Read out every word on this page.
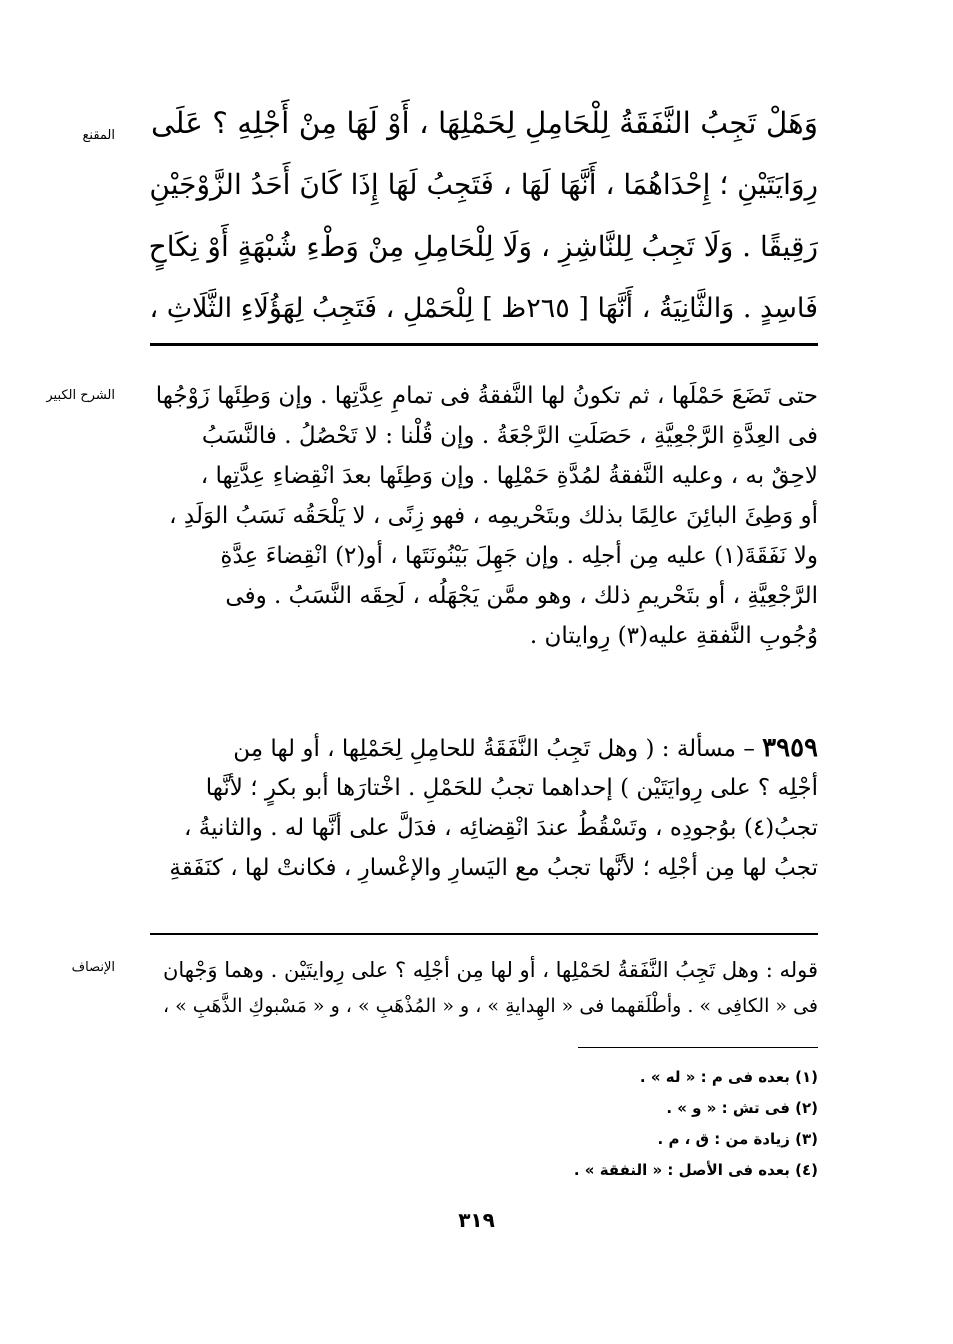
المقنع وَهَلْ تَجِبُ النَّفَقَةُ لِلْحَامِلِ لِحَمْلِهَا ، أَوْ لَهَا مِنْ أَجْلِهِ ؟ عَلَى
رِوَايَتَيْنِ ؛ إِحْدَاهُمَا ، أَنَّهَا لَهَا ، فَتَجِبُ لَهَا إِذَا كَانَ أَحَدُ الزَّوْجَيْنِ
رَقِيقًا . وَلَا تَجِبُ لِلنَّاشِزِ ، وَلَا لِلْحَامِلِ مِنْ وَطْءِ شُبْهَةٍ أَوْ نِكَاحٍ
فَاسِدٍ . وَالثَّانِيَةُ ، أَنَّهَا [ ٢٦٥ظ ] لِلْحَمْلِ ، فَتَجِبُ لِهَؤُلَاءِ الثَّلَاثِ ،
الشرح الكبير	حتى تَضَعَ حَمْلَها ، ثم تكونُ لها النَّفقةُ فى تمامِ عِدَّتِها . وإن وَطِئَها زَوْجُها
فى العِدَّةِ الرَّجْعِيَّةِ ، حَصَلَتِ الرَّجْعَةُ . وإن قُلْنا : لا تَحْصُلُ . فالنَّسَبُ
لاحِقٌ به ، وعليه النَّفقةُ لمُدَّةِ حَمْلِها . وإن وَطِئَها بعدَ انْقِضاءِ عِدَّتِها ،
أو وَطِئَ البائِنَ عالِمًا بذلك وبتَحْريمِه ، فهو زِنًى ، لا يَلْحَقُه نَسَبُ الوَلَدِ ،
ولا نَفَقَةَ(١) عليه مِن أجلِه . وإن جَهِلَ بَيْنُونَتَها ، أو(٢) انْقِضاءَ عِدَّةِ
الرَّجْعِيَّةِ ، أو بتَحْريمِ ذلك ، وهو ممَّن يَجْهَلُه ، لَحِقَه النَّسَبُ . وفى
وُجُوبِ النَّفقةِ عليه(٣) رِوايتان .
٣٩٥٩ – مسألة : ( وهل تَجِبُ النَّفَقَةُ للحامِلِ لِحَمْلِها ، أو لها مِن
أجْلِه ؟ على رِوايَتَيْن ) إحداهما تجبُ للحَمْلِ . اخْتارَها أبو بكرٍ ؛ لأنَّها
تجبُ(٤) بوُجودِه ، وتَسْقُطُ عندَ انْقِضائِه ، فدَلَّ على أنَّها له . والثانيةُ ،
تجبُ لها مِن أجْلِه ؛ لأنَّها تجبُ مع اليَسارِ والإعْسارِ ، فكانتْ لها ، كنَفَقةِ
الإنصاف	قوله : وهل تَجِبُ النَّفَقةُ لحَمْلِها ، أو لها مِن أجْلِه ؟ على رِوايتَيْن . وهما وَجْهان
فى « الكافِى » . وأطْلَقهما فى « الهِدايةِ » ، و « المُذْهَبِ » ، و « مَسْبوكِ الذَّهَبِ » ،
(١) بعده فى م : « له » .
(٢) فى تش : « و » .
(٣) زيادة من : ق ، م .
(٤) بعده فى الأصل : « النفقة » .
٣١٩
